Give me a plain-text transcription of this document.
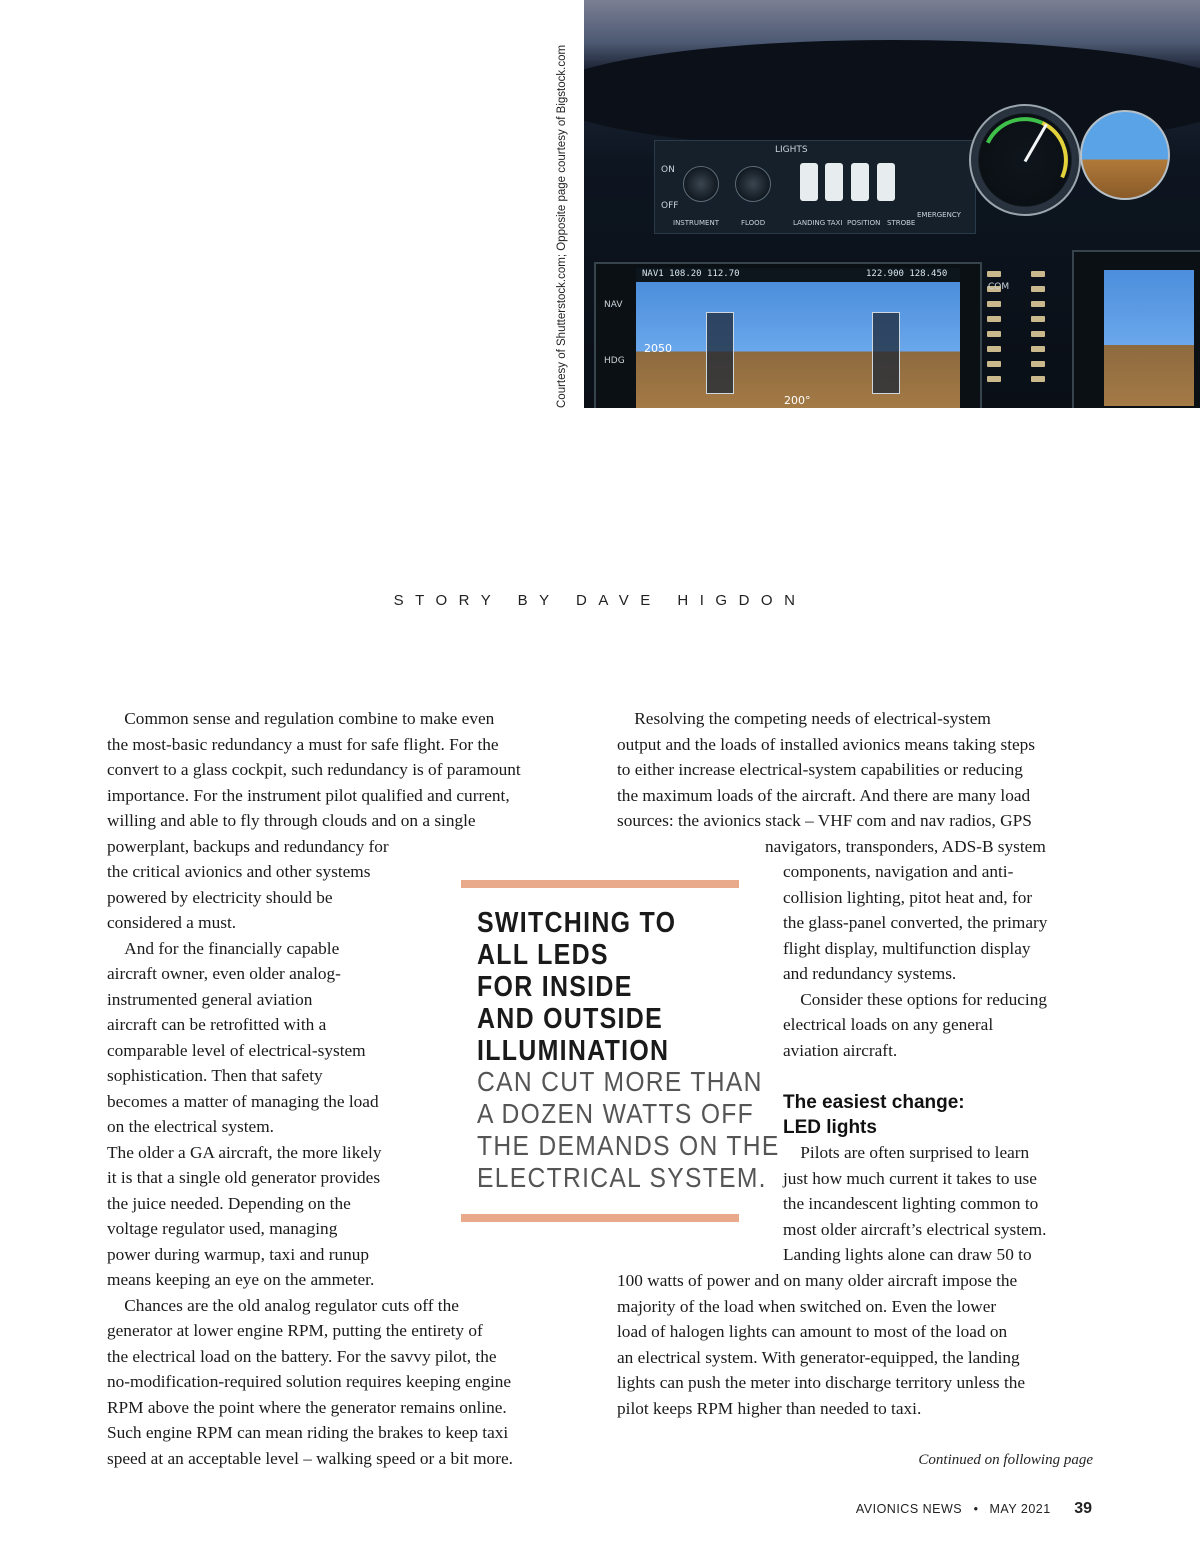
LIGHTS
ON
OFF
INSTRUMENT	FLOOD	LANDING TAXI POSITION STROBE
EMERGENCY
NAV1 108.20 112.70	122.900 128.450
NAV
HDG
2050
200°
COM
Courtesy of Shutterstock.com; Opposite page courtesy of Bigstock.com
STORY BY DAVE HIGDON
 Common sense and regulation combine to make even
the most-basic redundancy a must for safe flight. For the
convert to a glass cockpit, such redundancy is of paramount
importance. For the instrument pilot qualified and current,
willing and able to fly through clouds and on a single
powerplant, backups and redundancy for
the critical avionics and other systems
powered by electricity should be
considered a must.
 And for the financially capable
aircraft owner, even older analog-
instrumented general aviation
aircraft can be retrofitted with a
comparable level of electrical-system
sophistication. Then that safety
becomes a matter of managing the load
on the electrical system.
The older a GA aircraft, the more likely
it is that a single old generator provides
the juice needed. Depending on the
voltage regulator used, managing
power during warmup, taxi and runup
means keeping an eye on the ammeter.
 Chances are the old analog regulator cuts off the
generator at lower engine RPM, putting the entirety of
the electrical load on the battery. For the savvy pilot, the
no-modification-required solution requires keeping engine
RPM above the point where the generator remains online.
Such engine RPM can mean riding the brakes to keep taxi
speed at an acceptable level – walking speed or a bit more.
 Resolving the competing needs of electrical-system
output and the loads of installed avionics means taking steps
to either increase electrical-system capabilities or reducing
the maximum loads of the aircraft. And there are many load
sources: the avionics stack – VHF com and nav radios, GPS
navigators, transponders, ADS-B system
components, navigation and anti-
collision lighting, pitot heat and, for
the glass-panel converted, the primary
flight display, multifunction display
and redundancy systems.
 Consider these options for reducing
electrical loads on any general
aviation aircraft.
The easiest change:
LED lights
 Pilots are often surprised to learn
just how much current it takes to use
the incandescent lighting common to
most older aircraft’s electrical system.
Landing lights alone can draw 50 to
100 watts of power and on many older aircraft impose the
majority of the load when switched on. Even the lower
load of halogen lights can amount to most of the load on
an electrical system. With generator-equipped, the landing
lights can push the meter into discharge territory unless the
pilot keeps RPM higher than needed to taxi.
SWITCHING TO
ALL LEDS
FOR INSIDE
AND OUTSIDE
ILLUMINATION
CAN CUT MORE THAN
A DOZEN WATTS OFF
THE DEMANDS ON THE
ELECTRICAL SYSTEM.
Continued on following page
AVIONICS NEWS • MAY 2021 39
